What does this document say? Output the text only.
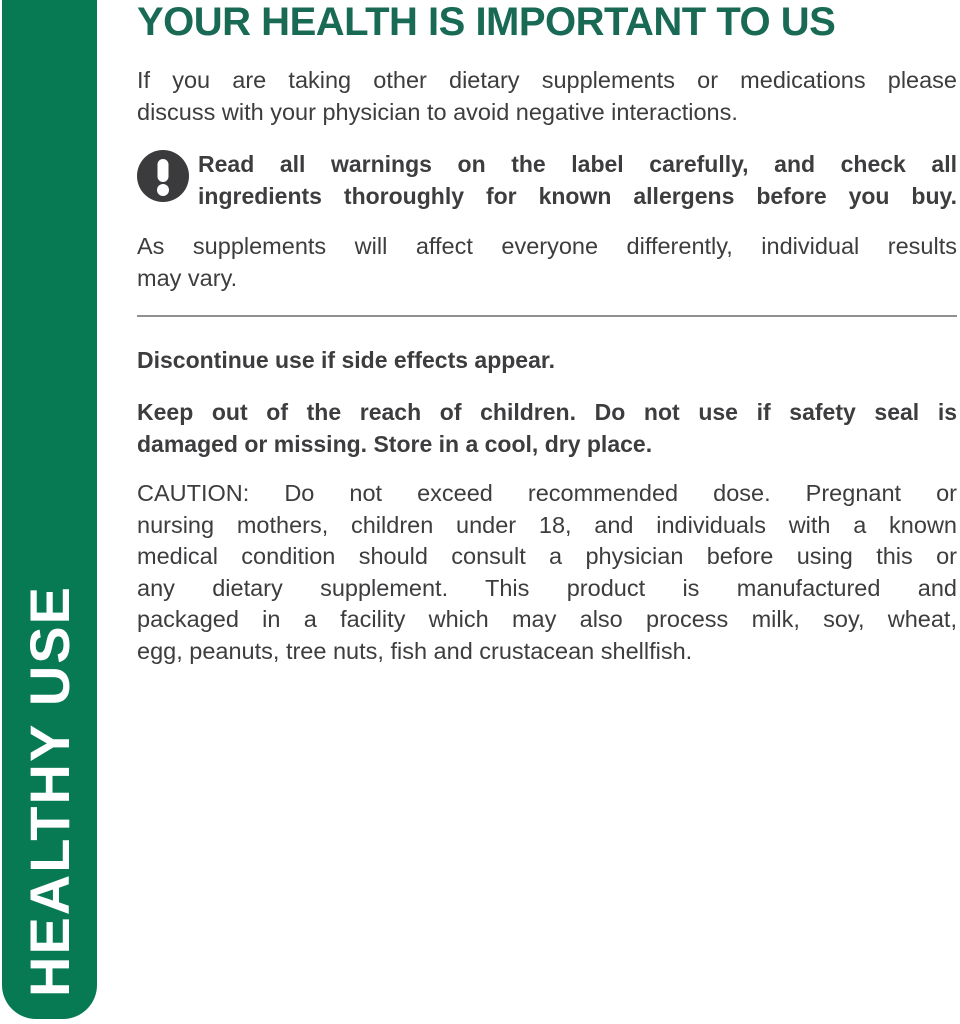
HEALTHY USE
YOUR HEALTH IS IMPORTANT TO US
If you are taking other dietary supplements or medications please
discuss with your physician to avoid negative interactions.
Read all warnings on the label carefully, and check all
ingredients thoroughly for known allergens before you buy.
As supplements will affect everyone differently, individual results
may vary.
Discontinue use if side effects appear.
Keep out of the reach of children. Do not use if safety seal is
damaged or missing. Store in a cool, dry place.
CAUTION: Do not exceed recommended dose. Pregnant or
nursing mothers, children under 18, and individuals with a known
medical condition should consult a physician before using this or
any dietary supplement. This product is manufactured and
packaged in a facility which may also process milk, soy, wheat,
egg, peanuts, tree nuts, fish and crustacean shellfish.
